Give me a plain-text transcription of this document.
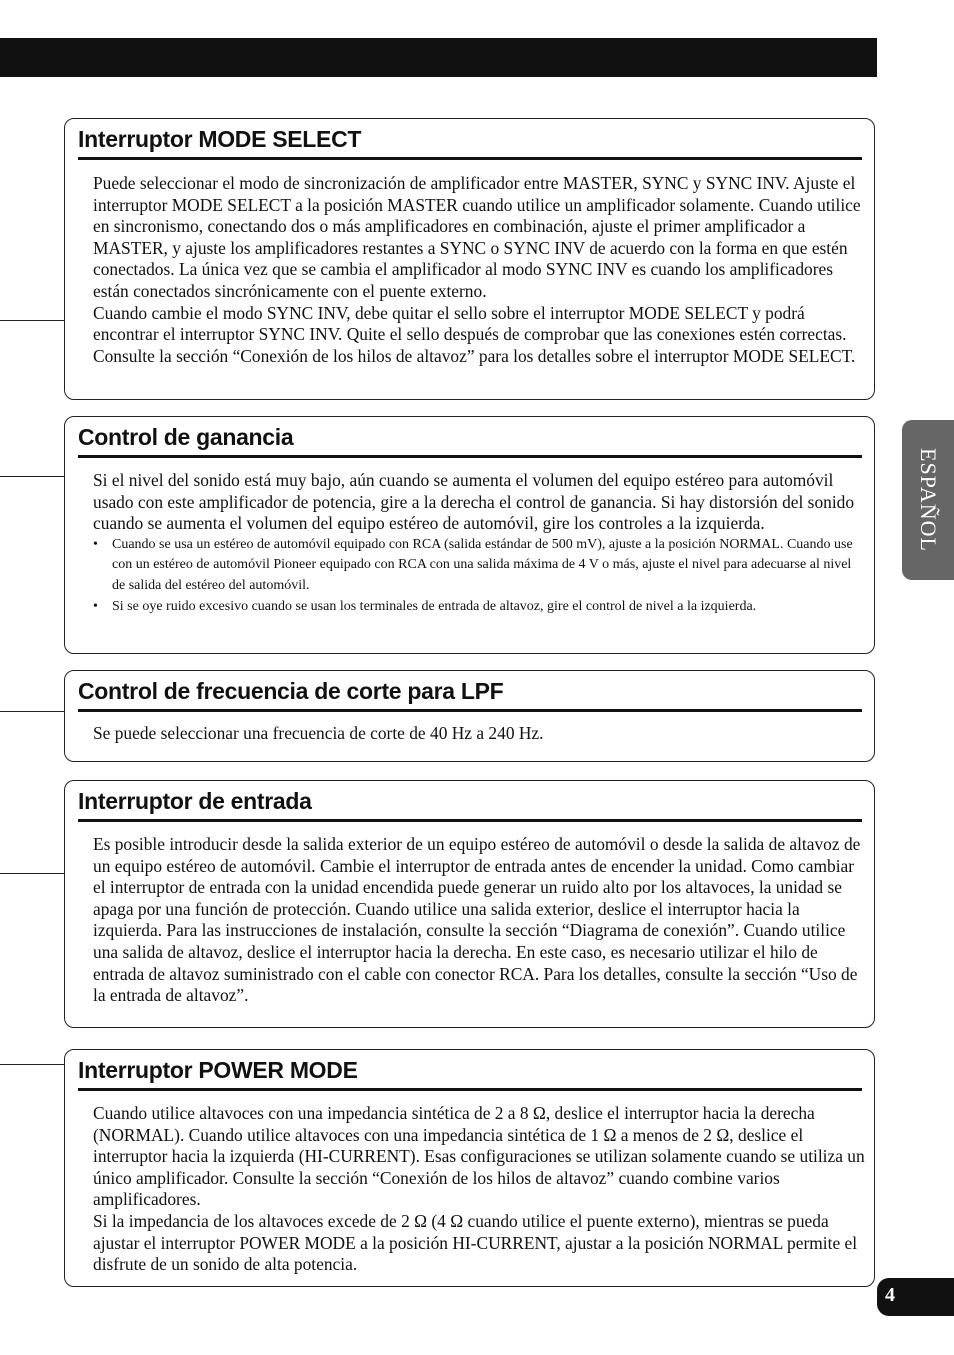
Interruptor MODE SELECT

Puede seleccionar el modo de sincronización de amplificador entre MASTER, SYNC y SYNC INV. Ajuste el interruptor MODE SELECT a la posición MASTER cuando utilice un amplificador solamente. Cuando utilice en sincronismo, conectando dos o más amplificadores en combinación, ajuste el primer amplificador a MASTER, y ajuste los amplificadores restantes a SYNC o SYNC INV de acuerdo con la forma en que estén conectados. La única vez que se cambia el amplificador al modo SYNC INV es cuando los amplificadores están conectados sincrónicamente con el puente externo.

Cuando cambie el modo SYNC INV, debe quitar el sello sobre el interruptor MODE SELECT y podrá encontrar el interruptor SYNC INV. Quite el sello después de comprobar que las conexiones estén correctas. Consulte la sección “Conexión de los hilos de altavoz” para los detalles sobre el interruptor MODE SELECT.

Control de ganancia

Si el nivel del sonido está muy bajo, aún cuando se aumenta el volumen del equipo estéreo para automóvil usado con este amplificador de potencia, gire a la derecha el control de ganancia. Si hay distorsión del sonido cuando se aumenta el volumen del equipo estéreo de automóvil, gire los controles a la izquierda.

• Cuando se usa un estéreo de automóvil equipado con RCA (salida estándar de 500 mV), ajuste a la posición NORMAL. Cuando use con un estéreo de automóvil Pioneer equipado con RCA con una salida máxima de 4 V o más, ajuste el nivel para adecuarse al nivel de salida del estéreo del automóvil.
• Si se oye ruido excesivo cuando se usan los terminales de entrada de altavoz, gire el control de nivel a la izquierda.
Control de frecuencia de corte para LPF

Se puede seleccionar una frecuencia de corte de 40 Hz a 240 Hz.

Interruptor de entrada

Es posible introducir desde la salida exterior de un equipo estéreo de automóvil o desde la salida de altavoz de un equipo estéreo de automóvil. Cambie el interruptor de entrada antes de encender la unidad. Como cambiar el interruptor de entrada con la unidad encendida puede generar un ruido alto por los altavoces, la unidad se apaga por una función de protección. Cuando utilice una salida exterior, deslice el interruptor hacia la izquierda. Para las instrucciones de instalación, consulte la sección “Diagrama de conexión”. Cuando utilice una salida de altavoz, deslice el interruptor hacia la derecha. En este caso, es necesario utilizar el hilo de entrada de altavoz suministrado con el cable con conector RCA. Para los detalles, consulte la sección “Uso de la entrada de altavoz”.

Interruptor POWER MODE

Cuando utilice altavoces con una impedancia sintética de 2 a 8 Ω, deslice el interruptor hacia la derecha (NORMAL). Cuando utilice altavoces con una impedancia sintética de 1 Ω a menos de 2 Ω, deslice el interruptor hacia la izquierda (HI-CURRENT). Esas configuraciones se utilizan solamente cuando se utiliza un único amplificador. Consulte la sección “Conexión de los hilos de altavoz” cuando combine varios amplificadores.

Si la impedancia de los altavoces excede de 2 Ω (4 Ω cuando utilice el puente externo), mientras se pueda ajustar el interruptor POWER MODE a la posición HI-CURRENT, ajustar a la posición NORMAL permite el disfrute de un sonido de alta potencia.

ESPAÑOL
4
